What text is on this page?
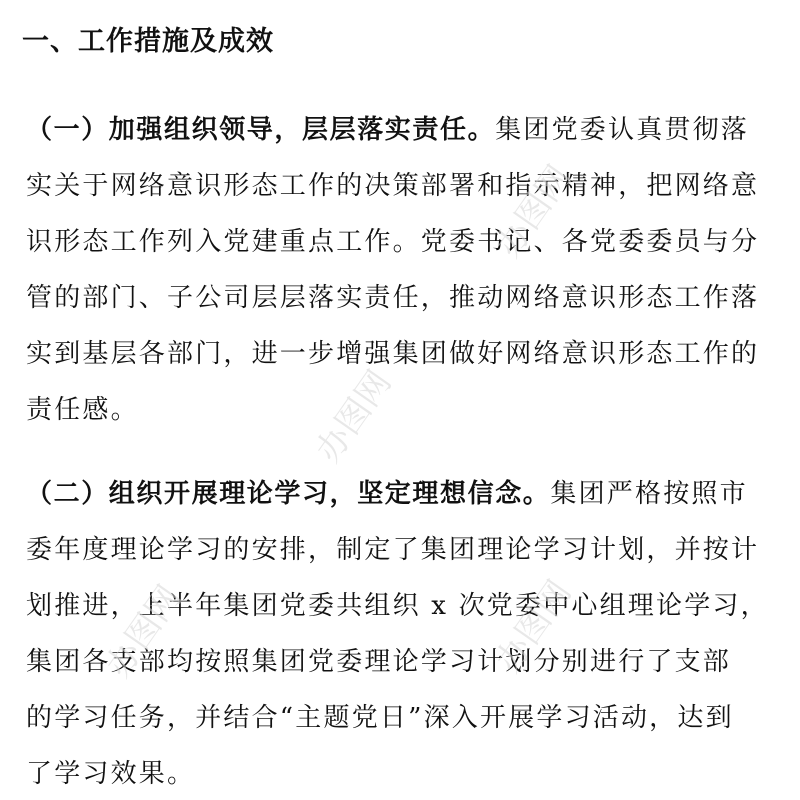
一、工作措施及成效
（一）加强组织领导，层层落实责任。集团党委认真贯彻落
实关于网络意识形态工作的决策部署和指示精神，把网络意
识形态工作列入党建重点工作。党委书记、各党委委员与分
管的部门、子公司层层落实责任，推动网络意识形态工作落
实到基层各部门，进一步增强集团做好网络意识形态工作的
责任感。
（二）组织开展理论学习，坚定理想信念。集团严格按照市
委年度理论学习的安排，制定了集团理论学习计划，并按计
划推进，上半年集团党委共组织 x 次党委中心组理论学习，
集团各支部均按照集团党委理论学习计划分别进行了支部
的学习任务，并结合“主题党日”深入开展学习活动，达到
了学习效果。
办图网
办图网
办图网
办图网
